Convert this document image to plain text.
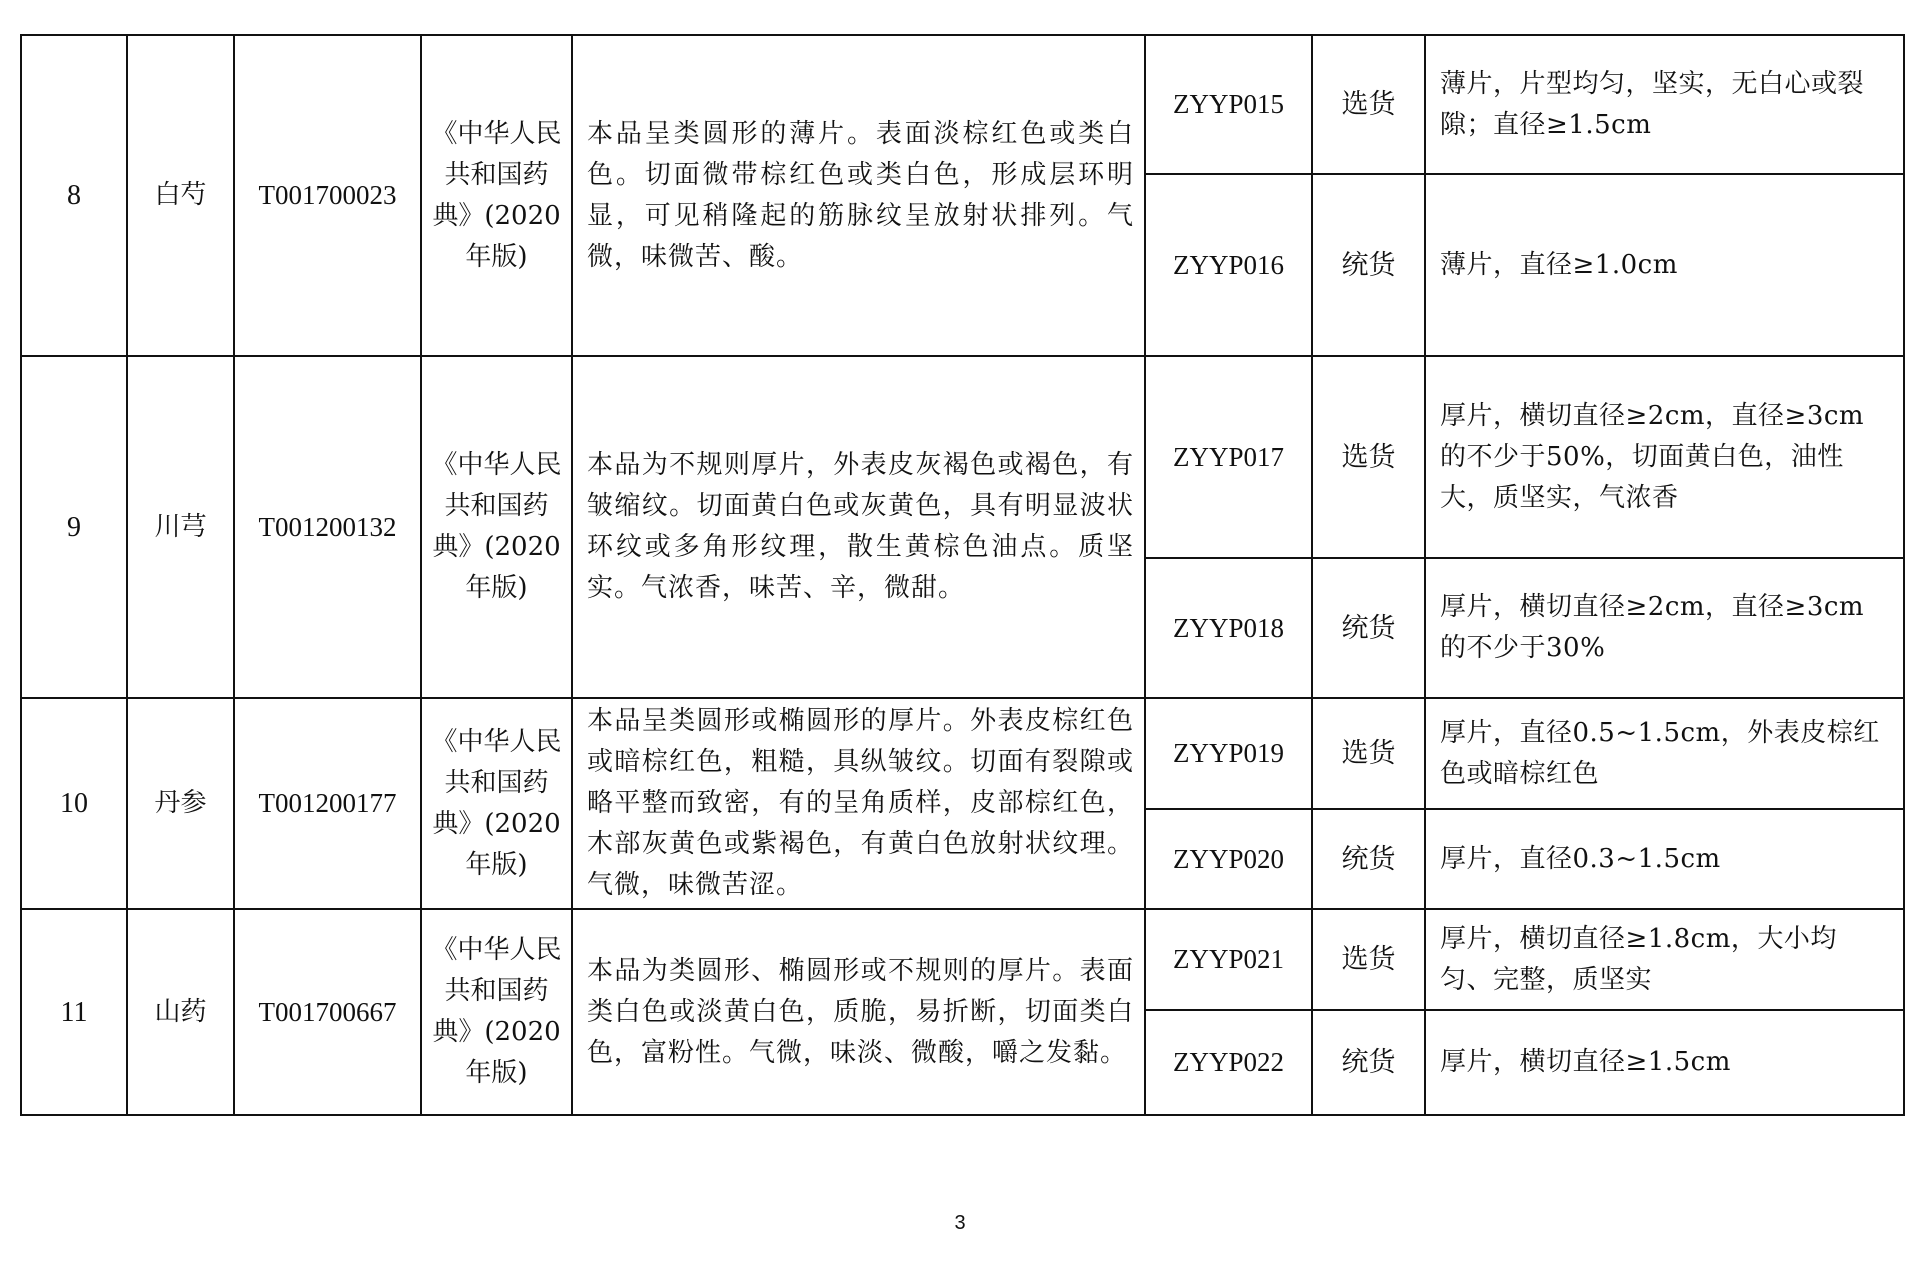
8	白芍	T001700023	《中华人民共和国药典》(2020年版)	本品呈类圆形的薄片。表面淡棕红色或类白色。切面微带棕红色或类白色，形成层环明显，可见稍隆起的筋脉纹呈放射状排列。气微，味微苦、酸。	ZYYP015	选货	薄片，片型均匀，坚实，无白心或裂隙；直径≥1.5cm
					ZYYP016	统货	薄片，直径≥1.0cm
9	川芎	T001200132	《中华人民共和国药典》(2020年版)	本品为不规则厚片，外表皮灰褐色或褐色，有皱缩纹。切面黄白色或灰黄色，具有明显波状环纹或多角形纹理，散生黄棕色油点。质坚实。气浓香，味苦、辛，微甜。	ZYYP017	选货	厚片，横切直径≥2cm，直径≥3cm的不少于50%，切面黄白色，油性大，质坚实，气浓香
					ZYYP018	统货	厚片，横切直径≥2cm，直径≥3cm的不少于30%
10	丹参	T001200177	《中华人民共和国药典》(2020年版)	本品呈类圆形或椭圆形的厚片。外表皮棕红色或暗棕红色，粗糙，具纵皱纹。切面有裂隙或略平整而致密，有的呈角质样，皮部棕红色，木部灰黄色或紫褐色，有黄白色放射状纹理。气微，味微苦涩。	ZYYP019	选货	厚片，直径0.5~1.5cm，外表皮棕红色或暗棕红色
					ZYYP020	统货	厚片，直径0.3~1.5cm
11	山药	T001700667	《中华人民共和国药典》(2020年版)	本品为类圆形、椭圆形或不规则的厚片。表面类白色或淡黄白色，质脆，易折断，切面类白色，富粉性。气微，味淡、微酸，嚼之发黏。	ZYYP021	选货	厚片，横切直径≥1.8cm，大小均匀、完整，质坚实
					ZYYP022	统货	厚片，横切直径≥1.5cm
3
